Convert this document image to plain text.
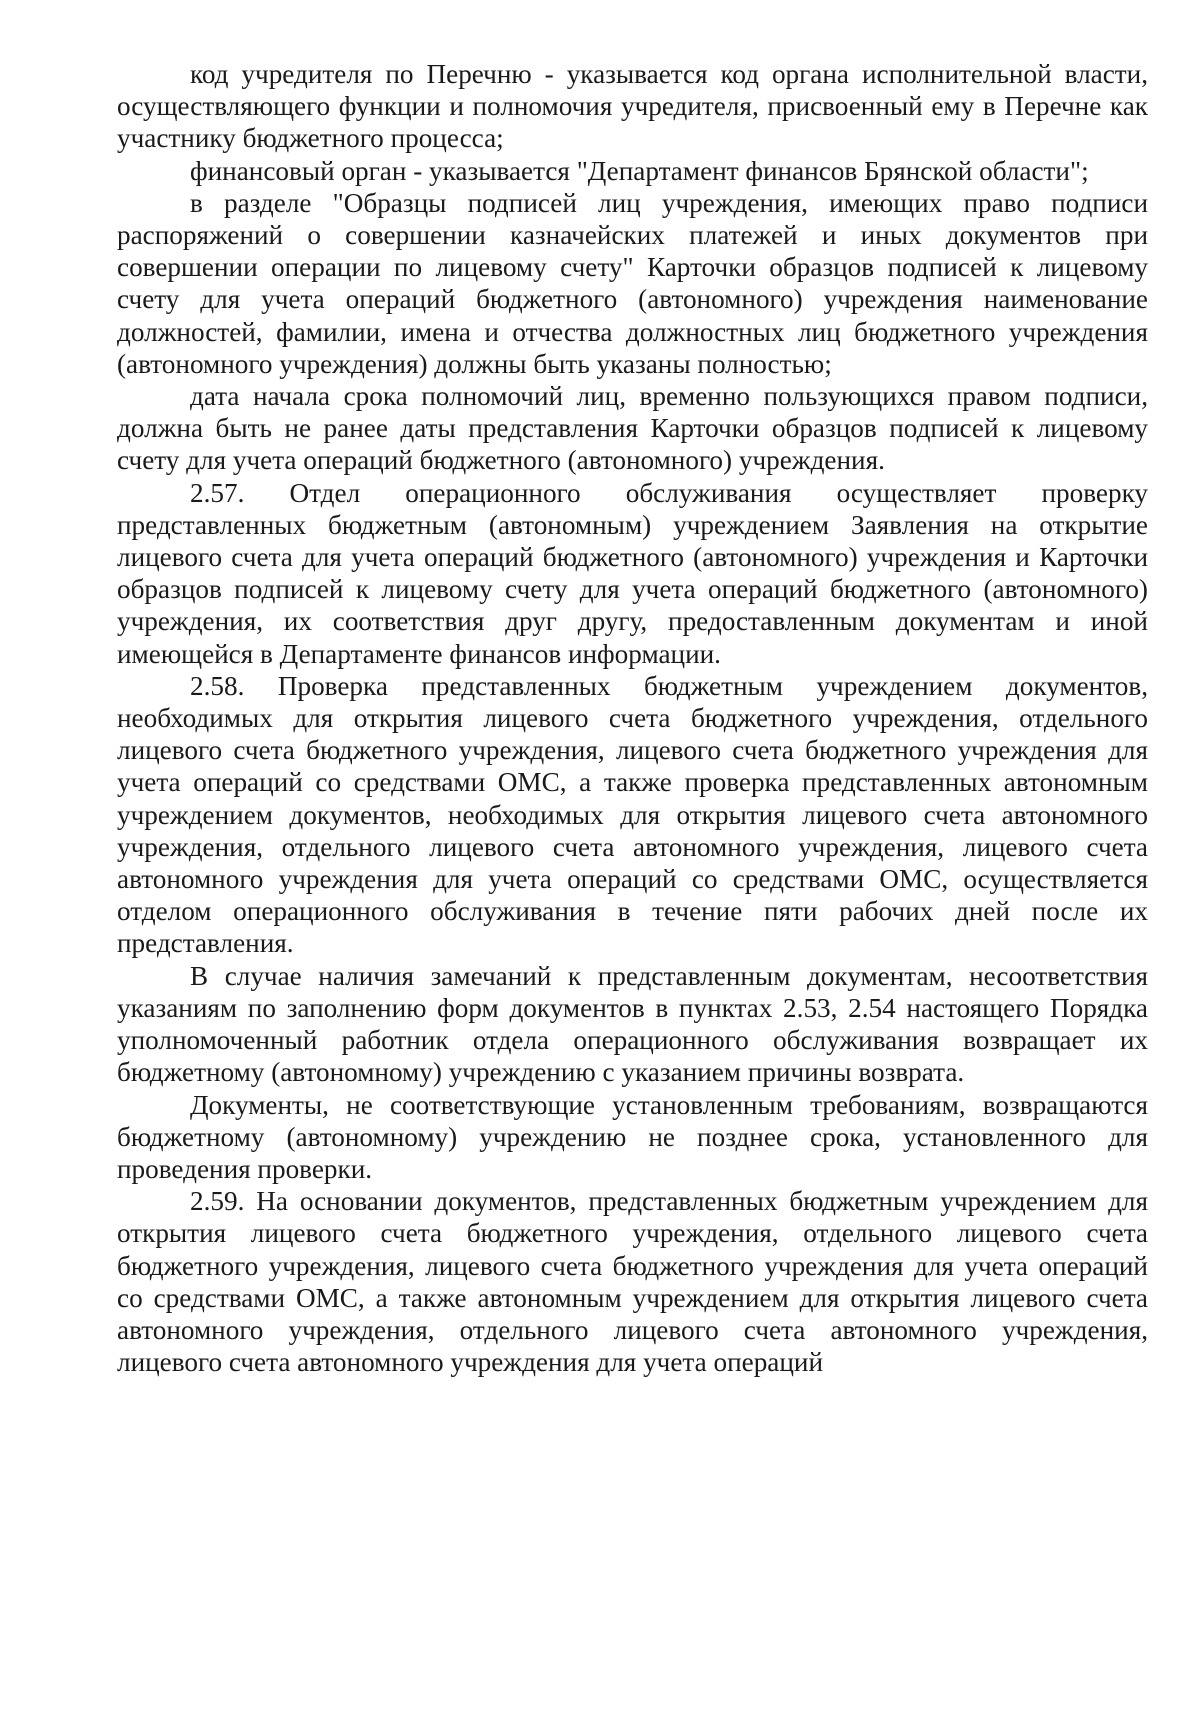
код учредителя по Перечню - указывается код органа исполнительной власти, осуществляющего функции и полномочия учредителя, присвоенный ему в Перечне как участнику бюджетного процесса;

финансовый орган - указывается "Департамент финансов Брянской области";

в разделе "Образцы подписей лиц учреждения, имеющих право подписи распоряжений о совершении казначейских платежей и иных документов при совершении операции по лицевому счету" Карточки образцов подписей к лицевому счету для учета операций бюджетного (автономного) учреждения наименование должностей, фамилии, имена и отчества должностных лиц бюджетного учреждения (автономного учреждения) должны быть указаны полностью;

дата начала срока полномочий лиц, временно пользующихся правом подписи, должна быть не ранее даты представления Карточки образцов подписей к лицевому счету для учета операций бюджетного (автономного) учреждения.

2.57. Отдел операционного обслуживания осуществляет проверку представленных бюджетным (автономным) учреждением Заявления на открытие лицевого счета для учета операций бюджетного (автономного) учреждения и Карточки образцов подписей к лицевому счету для учета операций бюджетного (автономного) учреждения, их соответствия друг другу, предоставленным документам и иной имеющейся в Департаменте финансов информации.

2.58. Проверка представленных бюджетным учреждением документов, необходимых для открытия лицевого счета бюджетного учреждения, отдельного лицевого счета бюджетного учреждения, лицевого счета бюджетного учреждения для учета операций со средствами ОМС, а также проверка представленных автономным учреждением документов, необходимых для открытия лицевого счета автономного учреждения, отдельного лицевого счета автономного учреждения, лицевого счета автономного учреждения для учета операций со средствами ОМС, осуществляется отделом операционного обслуживания в течение пяти рабочих дней после их представления.

В случае наличия замечаний к представленным документам, несоответствия указаниям по заполнению форм документов в пунктах 2.53, 2.54 настоящего Порядка уполномоченный работник отдела операционного обслуживания возвращает их бюджетному (автономному) учреждению с указанием причины возврата.

Документы, не соответствующие установленным требованиям, возвращаются бюджетному (автономному) учреждению не позднее срока, установленного для проведения проверки.

2.59. На основании документов, представленных бюджетным учреждением для открытия лицевого счета бюджетного учреждения, отдельного лицевого счета бюджетного учреждения, лицевого счета бюджетного учреждения для учета операций со средствами ОМС, а также автономным учреждением для открытия лицевого счета автономного учреждения, отдельного лицевого счета автономного учреждения, лицевого счета автономного учреждения для учета операций
